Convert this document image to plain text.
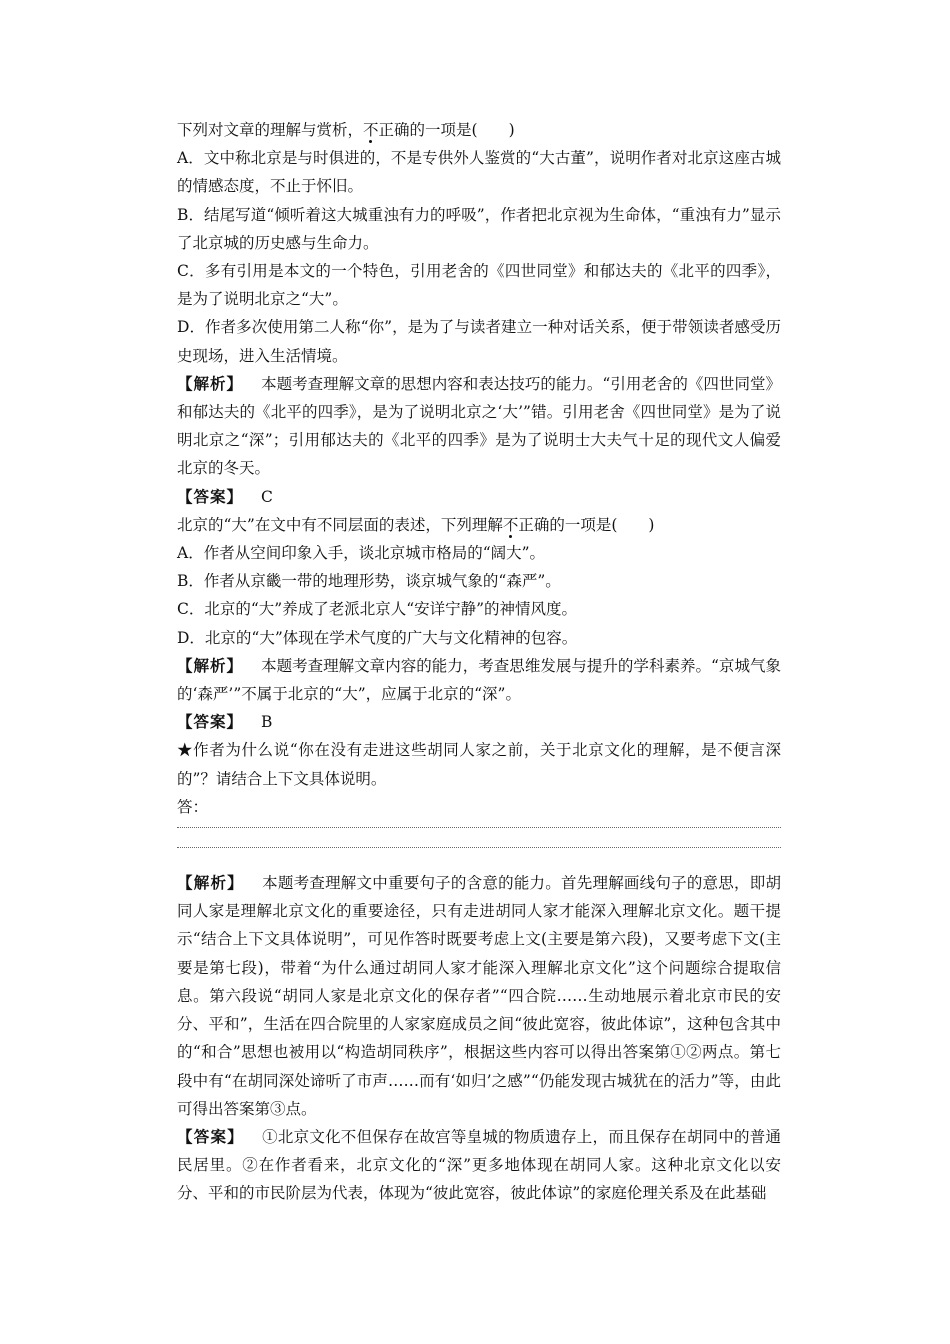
下列对文章的理解与赏析，不正确的一项是(　　)

A．文中称北京是与时俱进的，不是专供外人鉴赏的“大古董”，说明作者对北京这座古城的情感态度，不止于怀旧。

B．结尾写道“倾听着这大城重浊有力的呼吸”，作者把北京视为生命体，“重浊有力”显示了北京城的历史感与生命力。

C．多有引用是本文的一个特色，引用老舍的《四世同堂》和郁达夫的《北平的四季》，是为了说明北京之“大”。

D．作者多次使用第二人称“你”，是为了与读者建立一种对话关系，便于带领读者感受历史现场，进入生活情境。

【解析】 本题考查理解文章的思想内容和表达技巧的能力。“引用老舍的《四世同堂》和郁达夫的《北平的四季》，是为了说明北京之‘大’”错。引用老舍《四世同堂》是为了说明北京之“深”；引用郁达夫的《北平的四季》是为了说明士大夫气十足的现代文人偏爱北京的冬天。

【答案】 C

北京的“大”在文中有不同层面的表述，下列理解不正确的一项是(　　)

A．作者从空间印象入手，谈北京城市格局的“阔大”。

B．作者从京畿一带的地理形势，谈京城气象的“森严”。

C．北京的“大”养成了老派北京人“安详宁静”的神情风度。

D．北京的“大”体现在学术气度的广大与文化精神的包容。

【解析】 本题考查理解文章内容的能力，考查思维发展与提升的学科素养。“京城气象的‘森严’”不属于北京的“大”，应属于北京的“深”。

【答案】 B

★作者为什么说“你在没有走进这些胡同人家之前，关于北京文化的理解，是不便言深的”？请结合上下文具体说明。

答：

【解析】 本题考查理解文中重要句子的含意的能力。首先理解画线句子的意思，即胡同人家是理解北京文化的重要途径，只有走进胡同人家才能深入理解北京文化。题干提示“结合上下文具体说明”，可见作答时既要考虑上文(主要是第六段)，又要考虑下文(主要是第七段)，带着“为什么通过胡同人家才能深入理解北京文化”这个问题综合提取信息。第六段说“胡同人家是北京文化的保存者”“四合院……生动地展示着北京市民的安分、平和”，生活在四合院里的人家家庭成员之间“彼此宽容，彼此体谅”，这种包含其中的“和合”思想也被用以“构造胡同秩序”，根据这些内容可以得出答案第①②两点。第七段中有“在胡同深处谛听了市声……而有‘如归’之感”“仍能发现古城犹在的活力”等，由此可得出答案第③点。

【答案】 ①北京文化不但保存在故宫等皇城的物质遗存上，而且保存在胡同中的普通民居里。②在作者看来，北京文化的“深”更多地体现在胡同人家。这种北京文化以安分、平和的市民阶层为代表，体现为“彼此宽容，彼此体谅”的家庭伦理关系及在此基础
